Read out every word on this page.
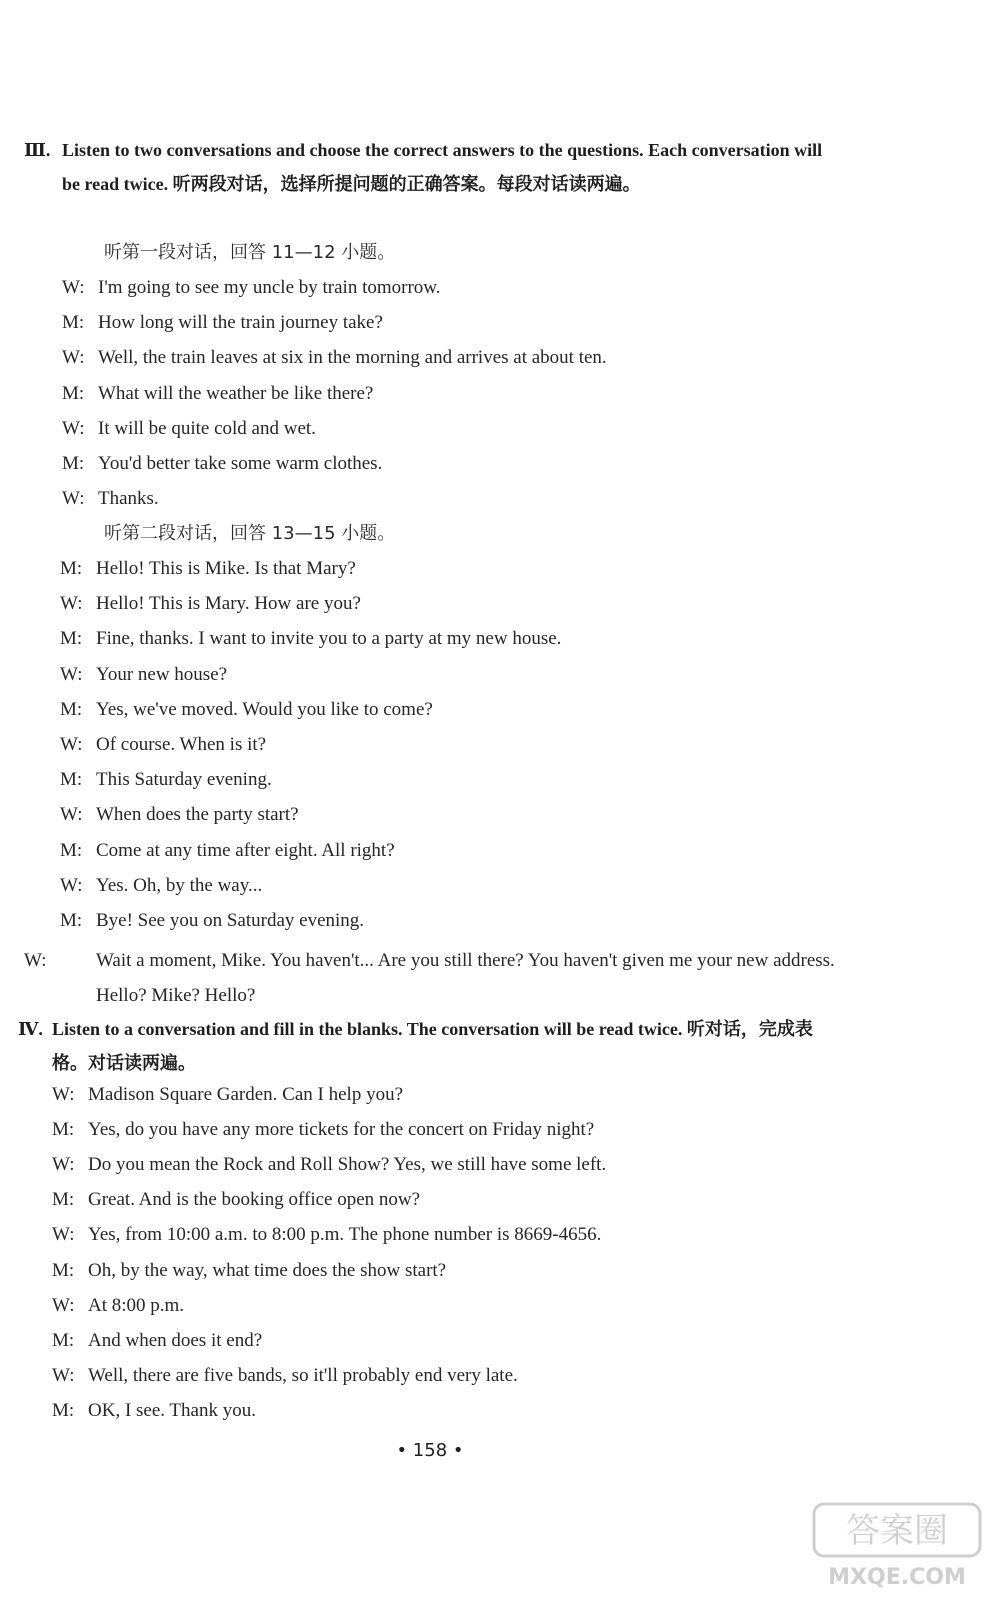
Ⅲ. Listen to two conversations and choose the correct answers to the questions. Each conversation will be read twice. 听两段对话，选择所提问题的正确答案。每段对话读两遍。
听第一段对话，回答 11—12 小题。
W: I'm going to see my uncle by train tomorrow.
M: How long will the train journey take?
W: Well, the train leaves at six in the morning and arrives at about ten.
M: What will the weather be like there?
W: It will be quite cold and wet.
M: You'd better take some warm clothes.
W: Thanks.
听第二段对话，回答 13—15 小题。
M: Hello! This is Mike. Is that Mary?
W: Hello! This is Mary. How are you?
M: Fine, thanks. I want to invite you to a party at my new house.
W: Your new house?
M: Yes, we've moved. Would you like to come?
W: Of course. When is it?
M: This Saturday evening.
W: When does the party start?
M: Come at any time after eight. All right?
W: Yes. Oh, by the way...
M: Bye! See you on Saturday evening.
W:	Wait a moment, Mike. You haven't... Are you still there? You haven't given me your new address. Hello? Mike? Hello?
Ⅳ. Listen to a conversation and fill in the blanks. The conversation will be read twice. 听对话，完成表格。对话读两遍。
W: Madison Square Garden. Can I help you?
M: Yes, do you have any more tickets for the concert on Friday night?
W: Do you mean the Rock and Roll Show? Yes, we still have some left.
M: Great. And is the booking office open now?
W: Yes, from 10:00 a.m. to 8:00 p.m. The phone number is 8669-4656.
M: Oh, by the way, what time does the show start?
W: At 8:00 p.m.
M: And when does it end?
W: Well, there are five bands, so it'll probably end very late.
M: OK, I see. Thank you.
• 158 •
答案圈
MXQE.COM
